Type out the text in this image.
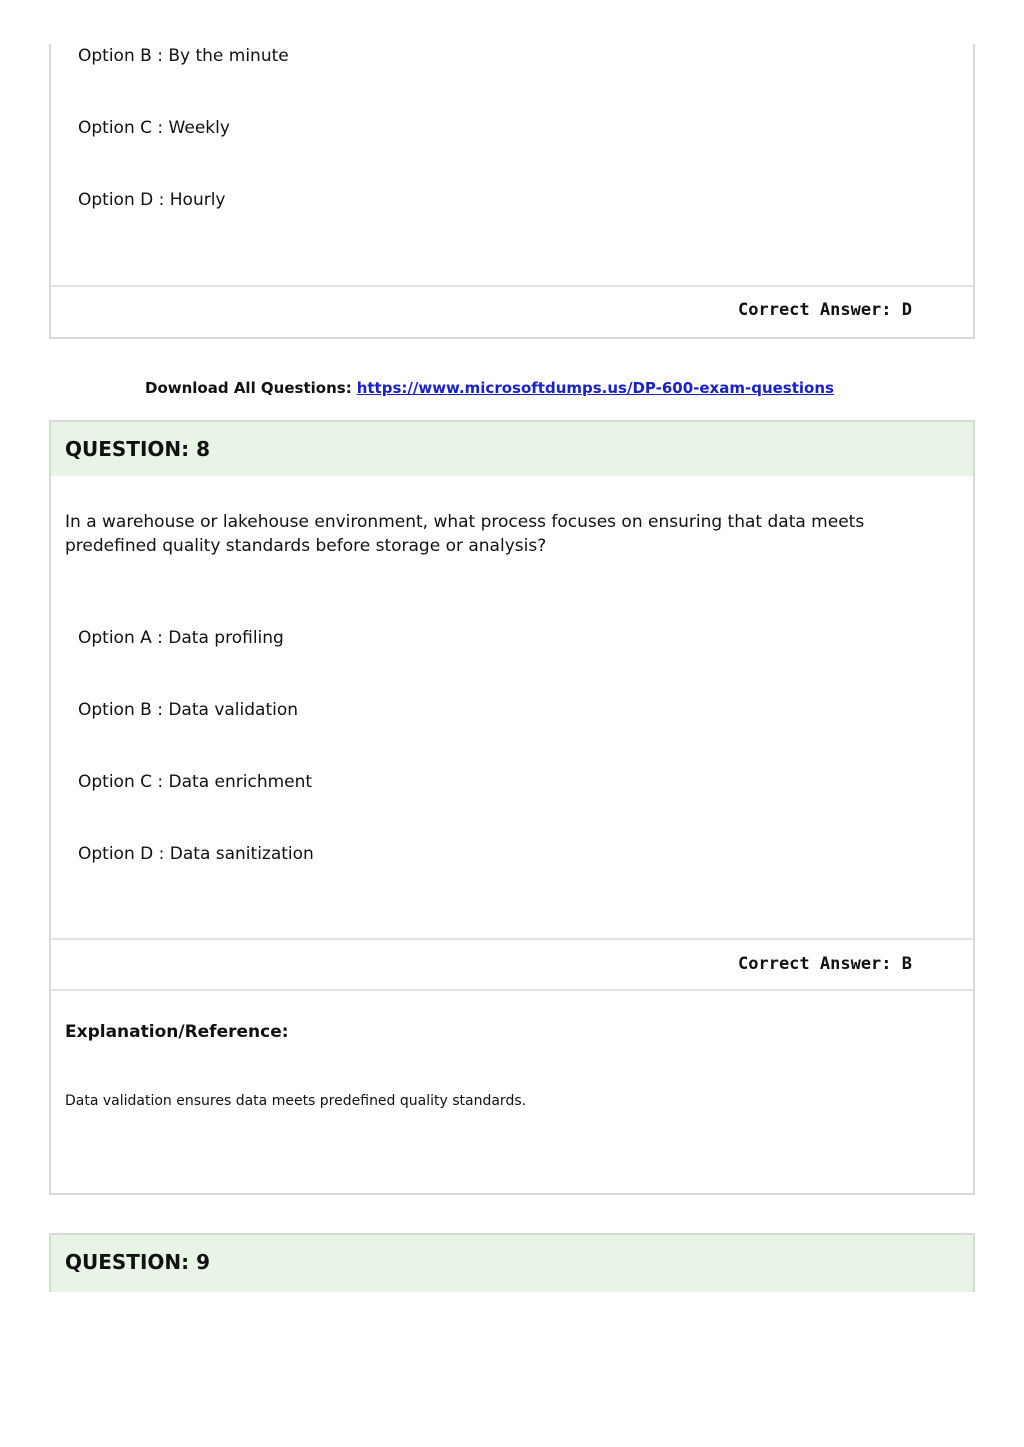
Option B : By the minute
Option C : Weekly
Option D : Hourly
Correct Answer: D
Download All Questions: https://www.microsoftdumps.us/DP-600-exam-questions
QUESTION: 8
In a warehouse or lakehouse environment, what process focuses on ensuring that data meets predefined quality standards before storage or analysis?
Option A : Data profiling
Option B : Data validation
Option C : Data enrichment
Option D : Data sanitization
Correct Answer: B
Explanation/Reference:
Data validation ensures data meets predefined quality standards.
QUESTION: 9
